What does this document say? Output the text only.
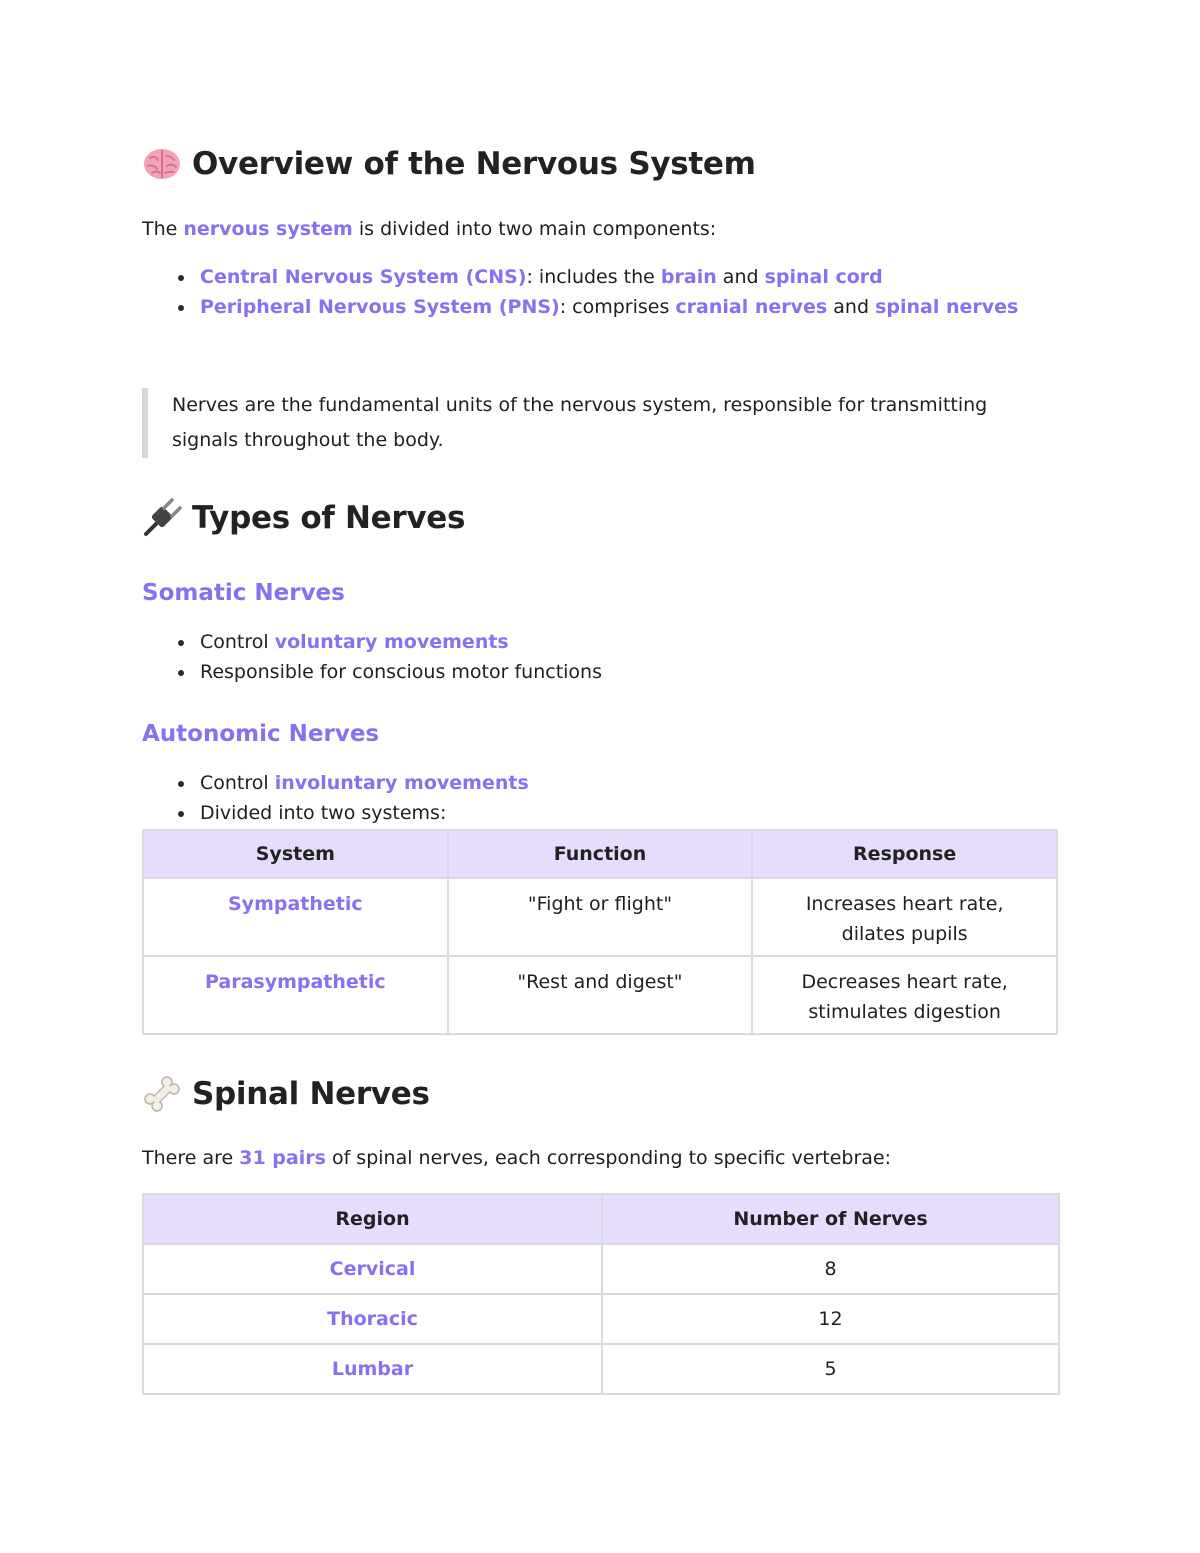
Overview of the Nervous System

The nervous system is divided into two main components:

Central Nervous System (CNS): includes the brain and spinal cord
Peripheral Nervous System (PNS): comprises cranial nerves and spinal nerves
Nerves are the fundamental units of the nervous system, responsible for transmitting signals throughout the body.
Types of Nerves
Somatic Nerves
Control voluntary movements
Responsible for conscious motor functions
Autonomic Nerves
Control involuntary movements
Divided into two systems:
System	Function	Response
Sympathetic	"Fight or flight"	Increases heart rate, dilates pupils
Parasympathetic	"Rest and digest"	Decreases heart rate, stimulates digestion
Spinal Nerves

There are 31 pairs of spinal nerves, each corresponding to specific vertebrae:

Region	Number of Nerves
Cervical	8
Thoracic	12
Lumbar	5
